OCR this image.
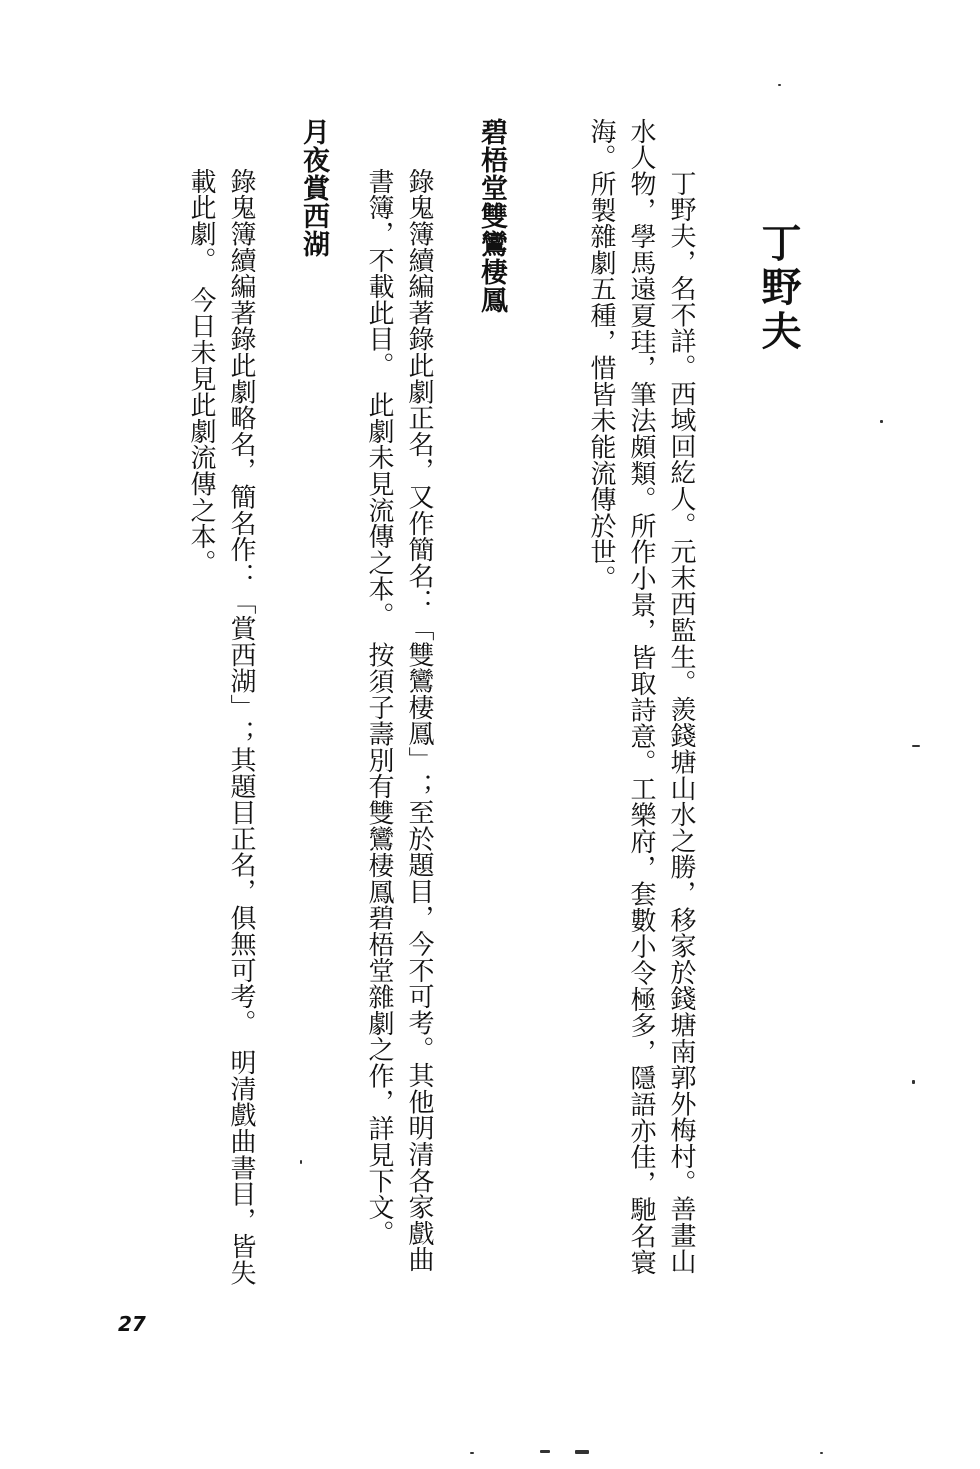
丁野夫
丁野夫，名不詳。西域回紇人。元末西監生。羨錢塘山水之勝，移家於錢塘南郭外梅村。善畫山
水人物，學馬遠夏珪，筆法頗類。所作小景，皆取詩意。工樂府，套數小令極多，隱語亦佳，馳名寰
海。所製雜劇五種，惜皆未能流傳於世。
碧梧堂雙鸞棲鳳
錄鬼簿續編著錄此劇正名，又作簡名：「雙鸞棲鳳」；至於題目，今不可考。其他明清各家戲曲
書簿，不載此目。　此劇未見流傳之本。　按須子壽別有雙鸞棲鳳碧梧堂雜劇之作，詳見下文。
月夜賞西湖
錄鬼簿續編著錄此劇略名，簡名作：「賞西湖」；其題目正名，俱無可考。　明清戲曲書目，皆失
載此劇。　今日未見此劇流傳之本。
27
